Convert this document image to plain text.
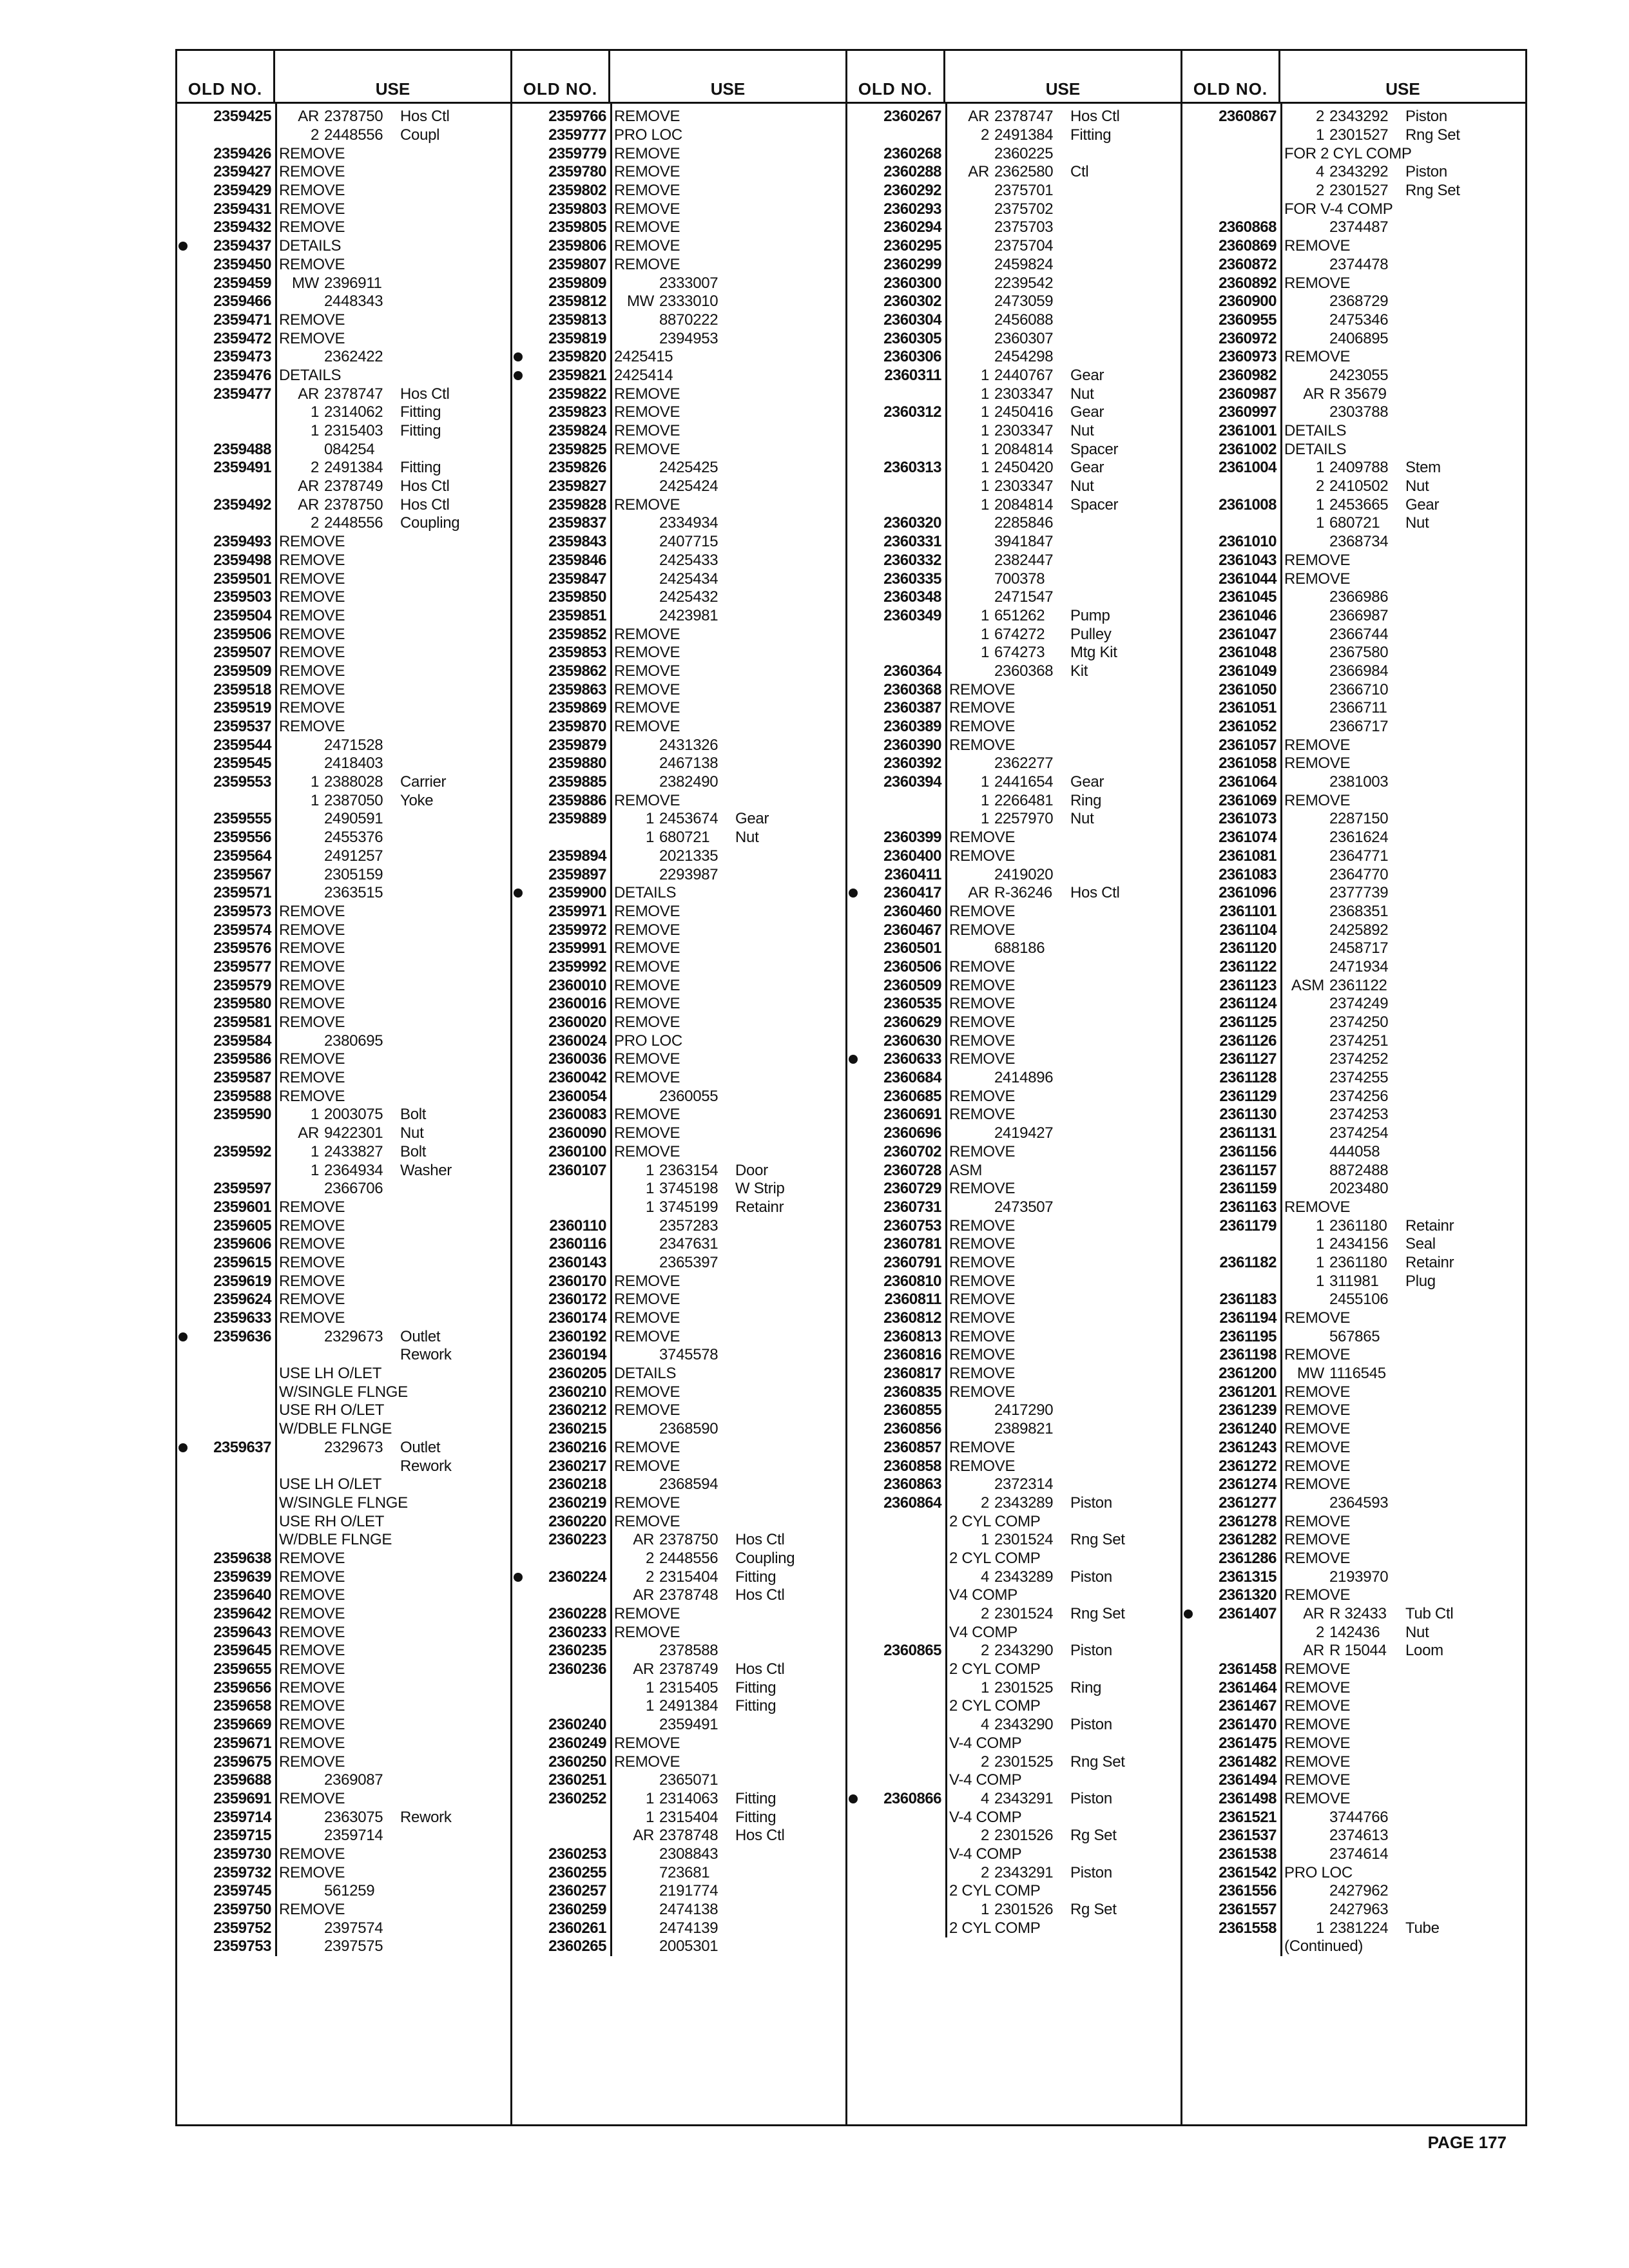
OLD NO.	USE
2359425	AR 2378750	Hos Ctl
2 2448556	Coupl
2359426 REMOVE
2359427 REMOVE
2359429 REMOVE
2359431 REMOVE
2359432 REMOVE
2359437 DETAILS
2359450 REMOVE
2359459	MW 2396911
2359466	2448343
2359471 REMOVE
2359472 REMOVE
2359473	2362422
2359476 DETAILS
2359477	AR 2378747	Hos Ctl
1 2314062	Fitting
1 2315403	Fitting
2359488	084254
2359491	2 2491384	Fitting
AR 2378749	Hos Ctl
2359492	AR 2378750	Hos Ctl
2 2448556	Coupling
2359493 REMOVE
2359498 REMOVE
2359501 REMOVE
2359503 REMOVE
2359504 REMOVE
2359506 REMOVE
2359507 REMOVE
2359509 REMOVE
2359518 REMOVE
2359519 REMOVE
2359537 REMOVE
2359544	2471528
2359545	2418403
2359553	1 2388028	Carrier
1 2387050	Yoke
2359555	2490591
2359556	2455376
2359564	2491257
2359567	2305159
2359571	2363515
2359573 REMOVE
2359574 REMOVE
2359576 REMOVE
2359577 REMOVE
2359579 REMOVE
2359580 REMOVE
2359581 REMOVE
2359584	2380695
2359586 REMOVE
2359587 REMOVE
2359588 REMOVE
2359590	1 2003075	Bolt
AR 9422301	Nut
2359592	1 2433827	Bolt
1 2364934	Washer
2359597	2366706
2359601 REMOVE
2359605 REMOVE
2359606 REMOVE
2359615 REMOVE
2359619 REMOVE
2359624 REMOVE
2359633 REMOVE
2359636	2329673	Outlet
Rework
USE LH O/LET
W/SINGLE FLNGE
USE RH O/LET
W/DBLE FLNGE
2359637	2329673	Outlet
Rework
USE LH O/LET
W/SINGLE FLNGE
USE RH O/LET
W/DBLE FLNGE
2359638 REMOVE
2359639 REMOVE
2359640 REMOVE
2359642 REMOVE
2359643 REMOVE
2359645 REMOVE
2359655 REMOVE
2359656 REMOVE
2359658 REMOVE
2359669 REMOVE
2359671 REMOVE
2359675 REMOVE
2359688	2369087
2359691 REMOVE
2359714	2363075	Rework
2359715	2359714
2359730 REMOVE
2359732 REMOVE
2359745	561259
2359750 REMOVE
2359752	2397574
2359753	2397575
OLD NO.	USE
2359766 REMOVE
2359777 PRO LOC
2359779 REMOVE
2359780 REMOVE
2359802 REMOVE
2359803 REMOVE
2359805 REMOVE
2359806 REMOVE
2359807 REMOVE
2359809	2333007
2359812	MW 2333010
2359813	8870222
2359819	2394953
2359820 2425415
2359821 2425414
2359822 REMOVE
2359823 REMOVE
2359824 REMOVE
2359825 REMOVE
2359826	2425425
2359827	2425424
2359828 REMOVE
2359837	2334934
2359843	2407715
2359846	2425433
2359847	2425434
2359850	2425432
2359851	2423981
2359852 REMOVE
2359853 REMOVE
2359862 REMOVE
2359863 REMOVE
2359869 REMOVE
2359870 REMOVE
2359879	2431326
2359880	2467138
2359885	2382490
2359886 REMOVE
2359889	1 2453674	Gear
1 680721	Nut
2359894	2021335
2359897	2293987
2359900 DETAILS
2359971 REMOVE
2359972 REMOVE
2359991 REMOVE
2359992 REMOVE
2360010 REMOVE
2360016 REMOVE
2360020 REMOVE
2360024 PRO LOC
2360036 REMOVE
2360042 REMOVE
2360054	2360055
2360083 REMOVE
2360090 REMOVE
2360100 REMOVE
2360107	1 2363154	Door
1 3745198	W Strip
1 3745199	Retainr
2360110	2357283
2360116	2347631
2360143	2365397
2360170 REMOVE
2360172 REMOVE
2360174 REMOVE
2360192 REMOVE
2360194	3745578
2360205 DETAILS
2360210 REMOVE
2360212 REMOVE
2360215	2368590
2360216 REMOVE
2360217 REMOVE
2360218	2368594
2360219 REMOVE
2360220 REMOVE
2360223	AR 2378750	Hos Ctl
2 2448556	Coupling
2360224	2 2315404	Fitting
AR 2378748	Hos Ctl
2360228 REMOVE
2360233 REMOVE
2360235	2378588
2360236	AR 2378749	Hos Ctl
1 2315405	Fitting
1 2491384	Fitting
2360240	2359491
2360249 REMOVE
2360250 REMOVE
2360251	2365071
2360252	1 2314063	Fitting
1 2315404	Fitting
AR 2378748	Hos Ctl
2360253	2308843
2360255	723681
2360257	2191774
2360259	2474138
2360261	2474139
2360265	2005301
OLD NO.	USE
2360267	AR 2378747	Hos Ctl
2 2491384	Fitting
2360268	2360225
2360288	AR 2362580	Ctl
2360292	2375701
2360293	2375702
2360294	2375703
2360295	2375704
2360299	2459824
2360300	2239542
2360302	2473059
2360304	2456088
2360305	2360307
2360306	2454298
2360311	1 2440767	Gear
1 2303347	Nut
2360312	1 2450416	Gear
1 2303347	Nut
1 2084814	Spacer
2360313	1 2450420	Gear
1 2303347	Nut
1 2084814	Spacer
2360320	2285846
2360331	3941847
2360332	2382447
2360335	700378
2360348	2471547
2360349	1 651262	Pump
1 674272	Pulley
1 674273	Mtg Kit
2360364	2360368	Kit
2360368 REMOVE
2360387 REMOVE
2360389 REMOVE
2360390 REMOVE
2360392	2362277
2360394	1 2441654	Gear
1 2266481	Ring
1 2257970	Nut
2360399 REMOVE
2360400 REMOVE
2360411	2419020
2360417	AR R-36246	Hos Ctl
2360460 REMOVE
2360467 REMOVE
2360501	688186
2360506 REMOVE
2360509 REMOVE
2360535 REMOVE
2360629 REMOVE
2360630 REMOVE
2360633 REMOVE
2360684	2414896
2360685 REMOVE
2360691 REMOVE
2360696	2419427
2360702 REMOVE
2360728 ASM
2360729 REMOVE
2360731	2473507
2360753 REMOVE
2360781 REMOVE
2360791 REMOVE
2360810 REMOVE
2360811 REMOVE
2360812 REMOVE
2360813 REMOVE
2360816 REMOVE
2360817 REMOVE
2360835 REMOVE
2360855	2417290
2360856	2389821
2360857 REMOVE
2360858 REMOVE
2360863	2372314
2360864	2 2343289	Piston
2 CYL COMP
1 2301524	Rng Set
2 CYL COMP
4 2343289	Piston
V4 COMP
2 2301524	Rng Set
V4 COMP
2360865	2 2343290	Piston
2 CYL COMP
1 2301525	Ring
2 CYL COMP
4 2343290	Piston
V-4 COMP
2 2301525	Rng Set
V-4 COMP
2360866	4 2343291	Piston
V-4 COMP
2 2301526	Rg Set
V-4 COMP
2 2343291	Piston
2 CYL COMP
1 2301526	Rg Set
2 CYL COMP
OLD NO.	USE
2360867	2 2343292	Piston
1 2301527	Rng Set
FOR 2 CYL COMP
4 2343292	Piston
2 2301527	Rng Set
FOR V-4 COMP
2360868	2374487
2360869 REMOVE
2360872	2374478
2360892 REMOVE
2360900	2368729
2360955	2475346
2360972	2406895
2360973 REMOVE
2360982	2423055
2360987	AR R 35679
2360997	2303788
2361001 DETAILS
2361002 DETAILS
2361004	1 2409788	Stem
2 2410502	Nut
2361008	1 2453665	Gear
1 680721	Nut
2361010	2368734
2361043 REMOVE
2361044 REMOVE
2361045	2366986
2361046	2366987
2361047	2366744
2361048	2367580
2361049	2366984
2361050	2366710
2361051	2366711
2361052	2366717
2361057 REMOVE
2361058 REMOVE
2361064	2381003
2361069 REMOVE
2361073	2287150
2361074	2361624
2361081	2364771
2361083	2364770
2361096	2377739
2361101	2368351
2361104	2425892
2361120	2458717
2361122	2471934
2361123 ASM 2361122
2361124	2374249
2361125	2374250
2361126	2374251
2361127	2374252
2361128	2374255
2361129	2374256
2361130	2374253
2361131	2374254
2361156	444058
2361157	8872488
2361159	2023480
2361163 REMOVE
2361179	1 2361180	Retainr
1 2434156	Seal
2361182	1 2361180	Retainr
1 311981	Plug
2361183	2455106
2361194 REMOVE
2361195	567865
2361198 REMOVE
2361200	MW 1116545
2361201 REMOVE
2361239 REMOVE
2361240 REMOVE
2361243 REMOVE
2361272 REMOVE
2361274 REMOVE
2361277	2364593
2361278 REMOVE
2361282 REMOVE
2361286 REMOVE
2361315	2193970
2361320 REMOVE
2361407	AR R 32433	Tub Ctl
2 142436	Nut
AR R 15044	Loom
2361458 REMOVE
2361464 REMOVE
2361467 REMOVE
2361470 REMOVE
2361475 REMOVE
2361482 REMOVE
2361494 REMOVE
2361498 REMOVE
2361521	3744766
2361537	2374613
2361538	2374614
2361542 PRO LOC
2361556	2427962
2361557	2427963
2361558	1 2381224	Tube
(Continued)
PAGE 177
